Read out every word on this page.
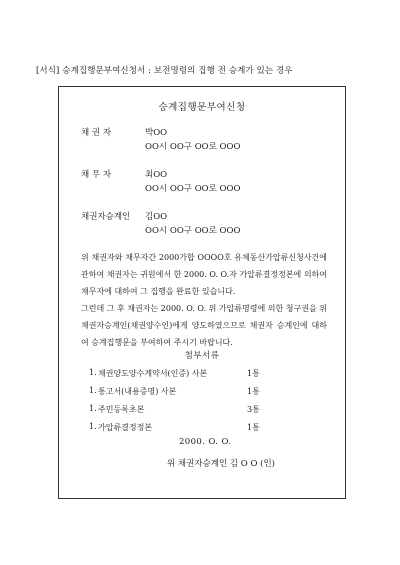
[서식] 승계집행문부여신청서 : 보전명령의 집행 전 승계가 있는 경우
승계집행문부여신청
채 권 자	박OO
OO시 OO구 OO로 OOO
채 무 자	최OO
OO시 OO구 OO로 OOO
채권자승계인 김OO
OO시 OO구 OO로 OOO

위 채권자와 채무자간 2000가합 OOOO호 유체동산가압류신청사건에 관하여 채권자는 귀원에서 한 2000. O. O.자 가압류결정정본에 의하여 채무자에 대하여 그 집행을 완료한 있습니다.

그런데 그 후 채권자는 2000. O. O. 위 가압류명령에 의한 청구권을 위 채권자승계인(채권양수인)에게 양도하였으므로 채권자 승계인에 대하여 승계집행문을 부여하여 주시기 바랍니다.

첨부서류
1. 채권양도양수계약서(인증) 사본	1통
1. 통고서(내용증명) 사본	1통
1. 주민등록초본	3통
1. 가압류결정정본	1통
2000. O. O.
위 채권자승계인 김 O O (인)
